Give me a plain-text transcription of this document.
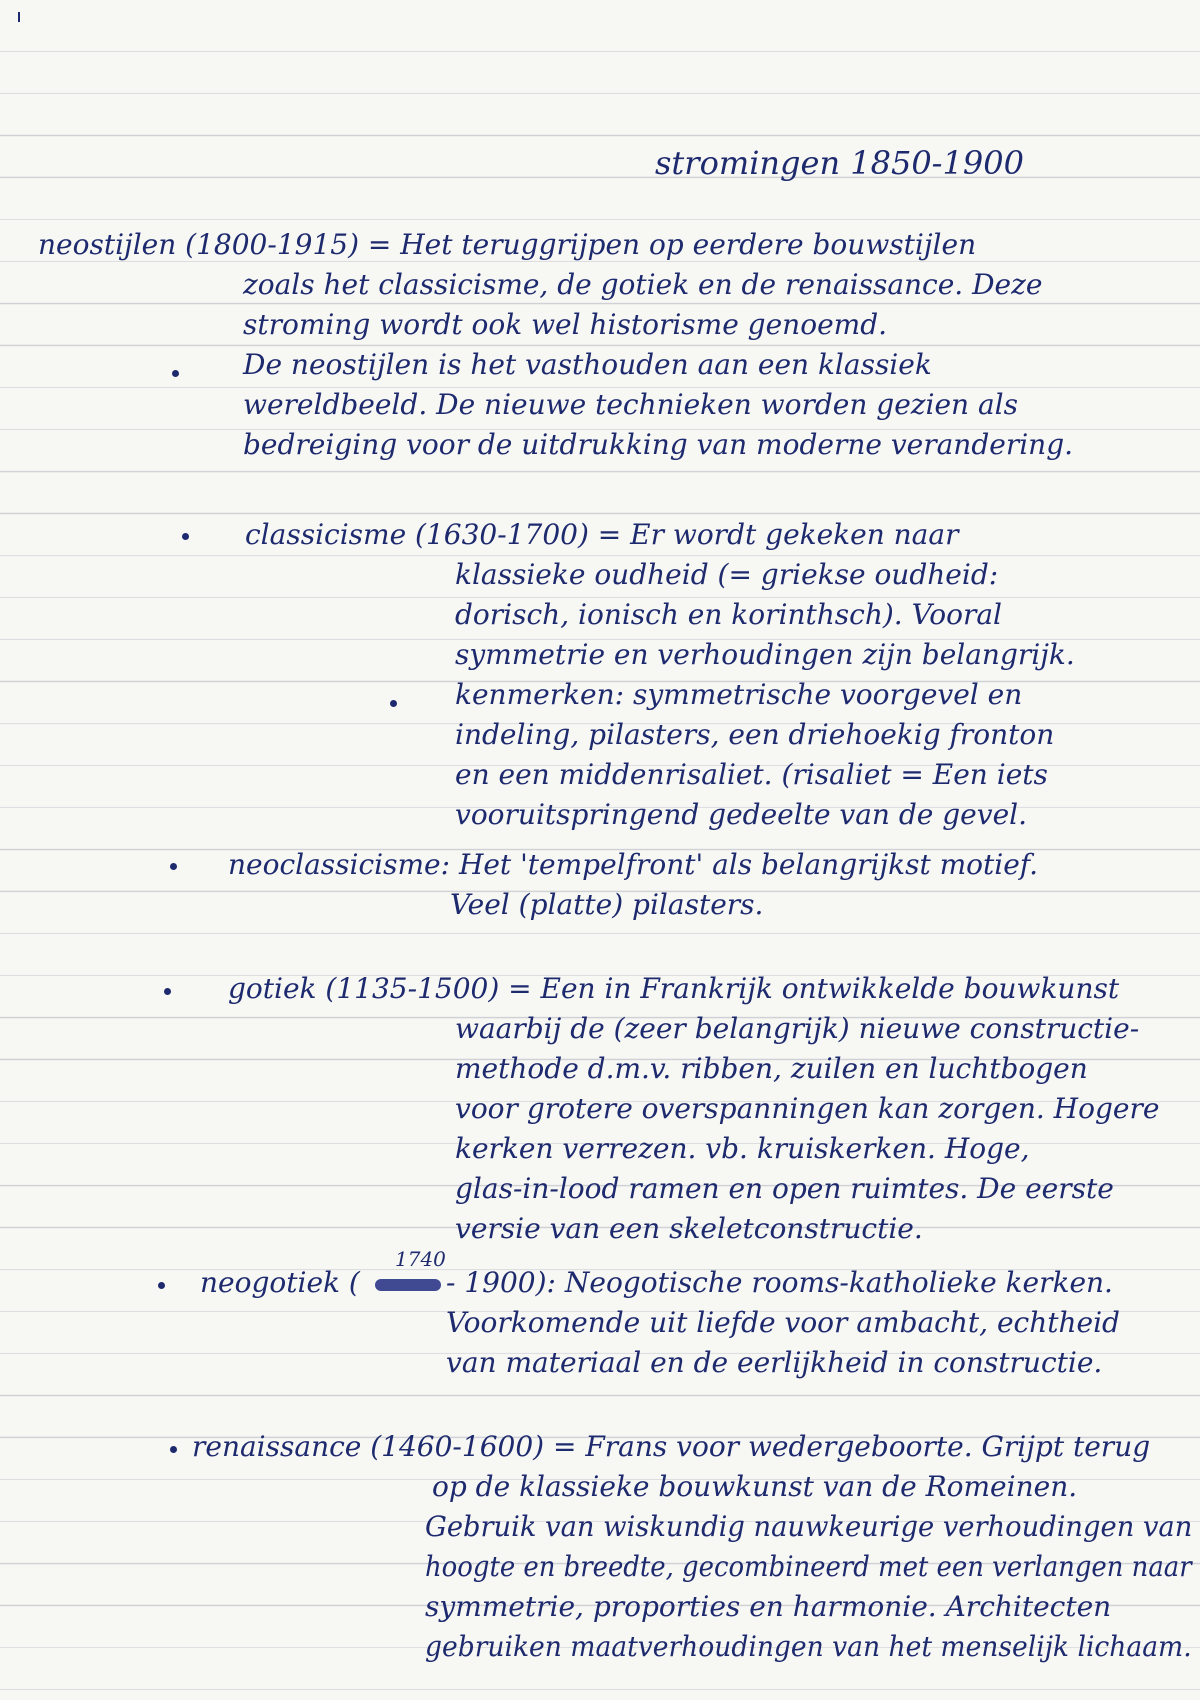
stromingen 1850-1900
neostijlen (1800-1915) = Het teruggrijpen op eerdere bouwstijlen
zoals het classicisme, de gotiek en de renaissance. Deze
stroming wordt ook wel historisme genoemd.
De neostijlen is het vasthouden aan een klassiek
wereldbeeld. De nieuwe technieken worden gezien als
bedreiging voor de uitdrukking van moderne verandering.
classicisme (1630-1700) = Er wordt gekeken naar
klassieke oudheid (= griekse oudheid:
dorisch, ionisch en korinthsch). Vooral
symmetrie en verhoudingen zijn belangrijk.
kenmerken: symmetrische voorgevel en
indeling, pilasters, een driehoekig fronton
en een middenrisaliet. (risaliet = Een iets
vooruitspringend gedeelte van de gevel.
neoclassicisme: Het 'tempelfront' als belangrijkst motief.
Veel (platte) pilasters.
gotiek (1135-1500) = Een in Frankrijk ontwikkelde bouwkunst
waarbij de (zeer belangrijk) nieuwe constructie-
methode d.m.v. ribben, zuilen en luchtbogen
voor grotere overspanningen kan zorgen. Hogere
kerken verrezen. vb. kruiskerken. Hoge,
glas-in-lood ramen en open ruimtes. De eerste
versie van een skeletconstructie.
neogotiek (
1740
- 1900): Neogotische rooms-katholieke kerken.
Voorkomende uit liefde voor ambacht, echtheid
van materiaal en de eerlijkheid in constructie.
renaissance (1460-1600) = Frans voor wedergeboorte. Grijpt terug
op de klassieke bouwkunst van de Romeinen.
Gebruik van wiskundig nauwkeurige verhoudingen van
hoogte en breedte, gecombineerd met een verlangen naar
symmetrie, proporties en harmonie. Architecten
gebruiken maatverhoudingen van het menselijk lichaam.
